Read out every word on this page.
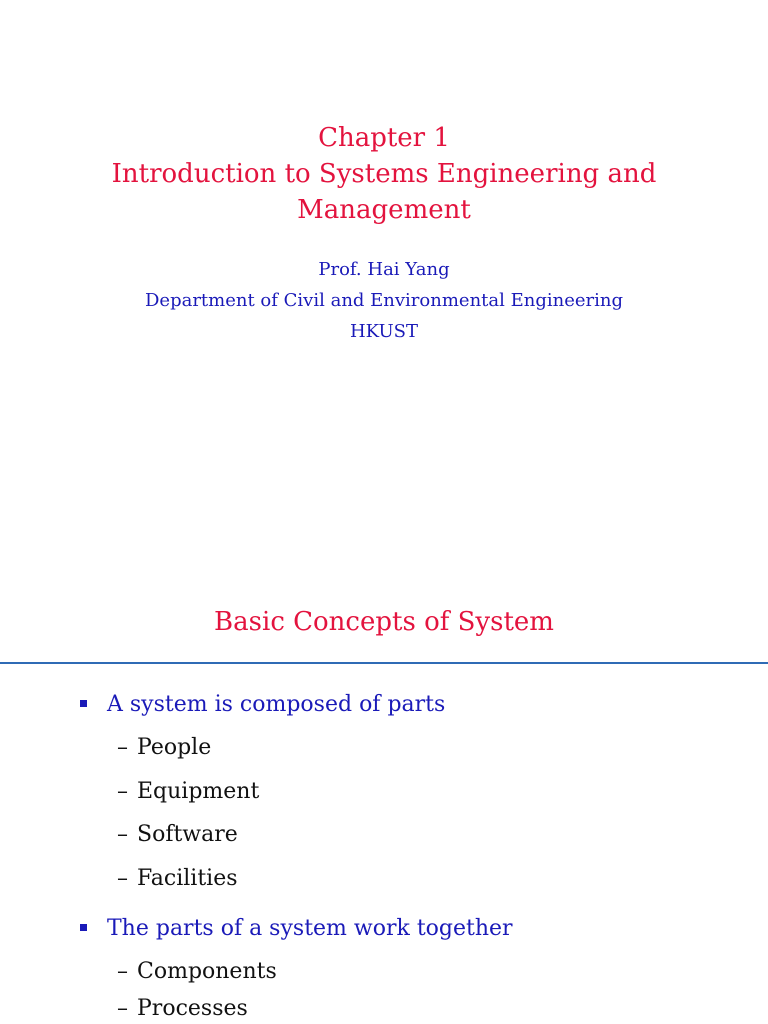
Chapter 1
Introduction to Systems Engineering and
Management
Prof. Hai Yang
Department of Civil and Environmental Engineering
HKUST
Basic Concepts of System
A system is composed of parts
– People
– Equipment
– Software
– Facilities
The parts of a system work together
– Components
– Processes
